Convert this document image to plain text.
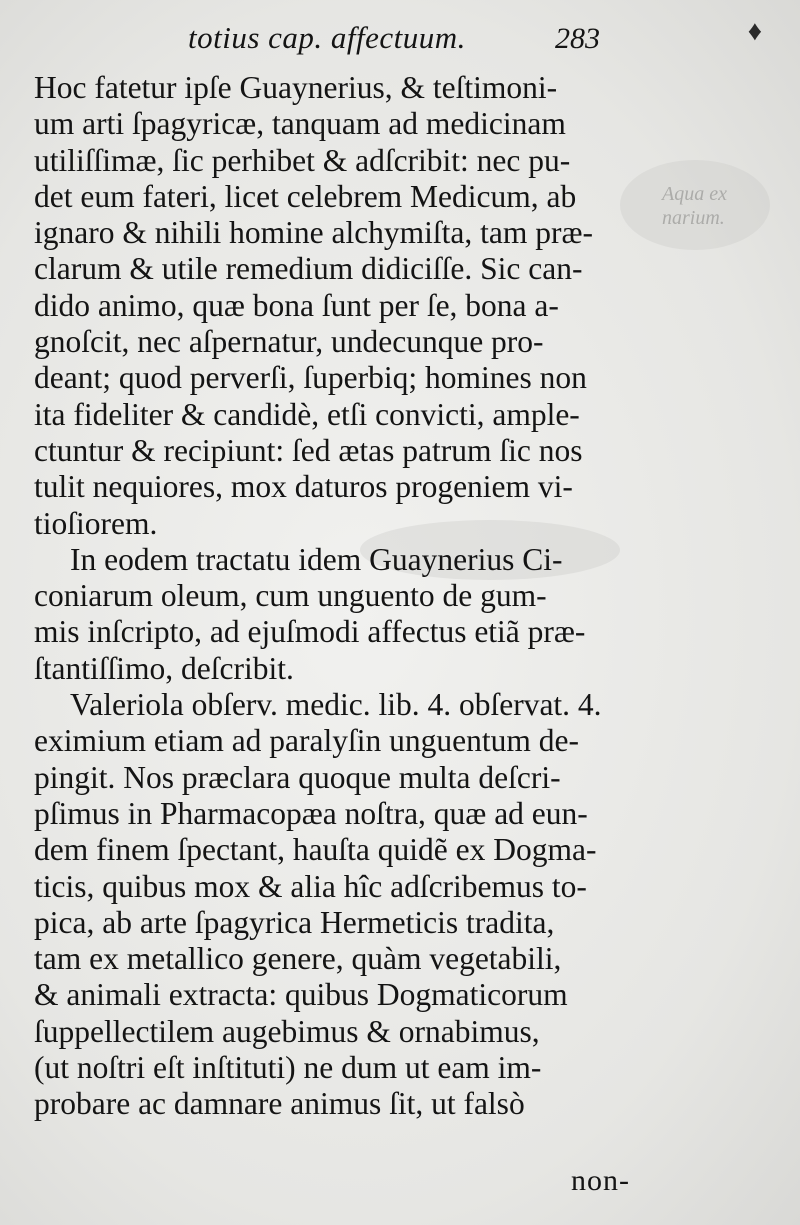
totius cap. affectuum.	283	♦
Aqua ex
narium.
Hoc fatetur ipſe Guaynerius, & teſtimoni-
um arti ſpagyricæ, tanquam ad medicinam
utiliſſimæ, ſic perhibet & adſcribit: nec pu-
det eum fateri, licet celebrem Medicum, ab
ignaro & nihili homine alchymiſta, tam præ-
clarum & utile remedium didiciſſe. Sic can-
dido animo, quæ bona ſunt per ſe, bona a-
gnoſcit, nec aſpernatur, undecunque pro-
deant; quod perverſi, ſuperbiq; homines non
ita fideliter & candidè, etſi convicti, ample-
ctuntur & recipiunt: ſed ætas patrum ſic nos
tulit nequiores, mox daturos progeniem vi-
tioſiorem.
In eodem tractatu idem Guaynerius Ci-
coniarum oleum, cum unguento de gum-
mis inſcripto, ad ejuſmodi affectus etiã præ-
ſtantiſſimo, deſcribit.
Valeriola obſerv. medic. lib. 4. obſervat. 4.
eximium etiam ad paralyſin unguentum de-
pingit. Nos præclara quoque multa deſcri-
pſimus in Pharmacopæa noſtra, quæ ad eun-
dem finem ſpectant, hauſta quidẽ ex Dogma-
ticis, quibus mox & alia hîc adſcribemus to-
pica, ab arte ſpagyrica Hermeticis tradita,
tam ex metallico genere, quàm vegetabili,
& animali extracta: quibus Dogmaticorum
ſuppellectilem augebimus & ornabimus,
(ut noſtri eſt inſtituti) ne dum ut eam im-
probare ac damnare animus ſit, ut falsò
non-
